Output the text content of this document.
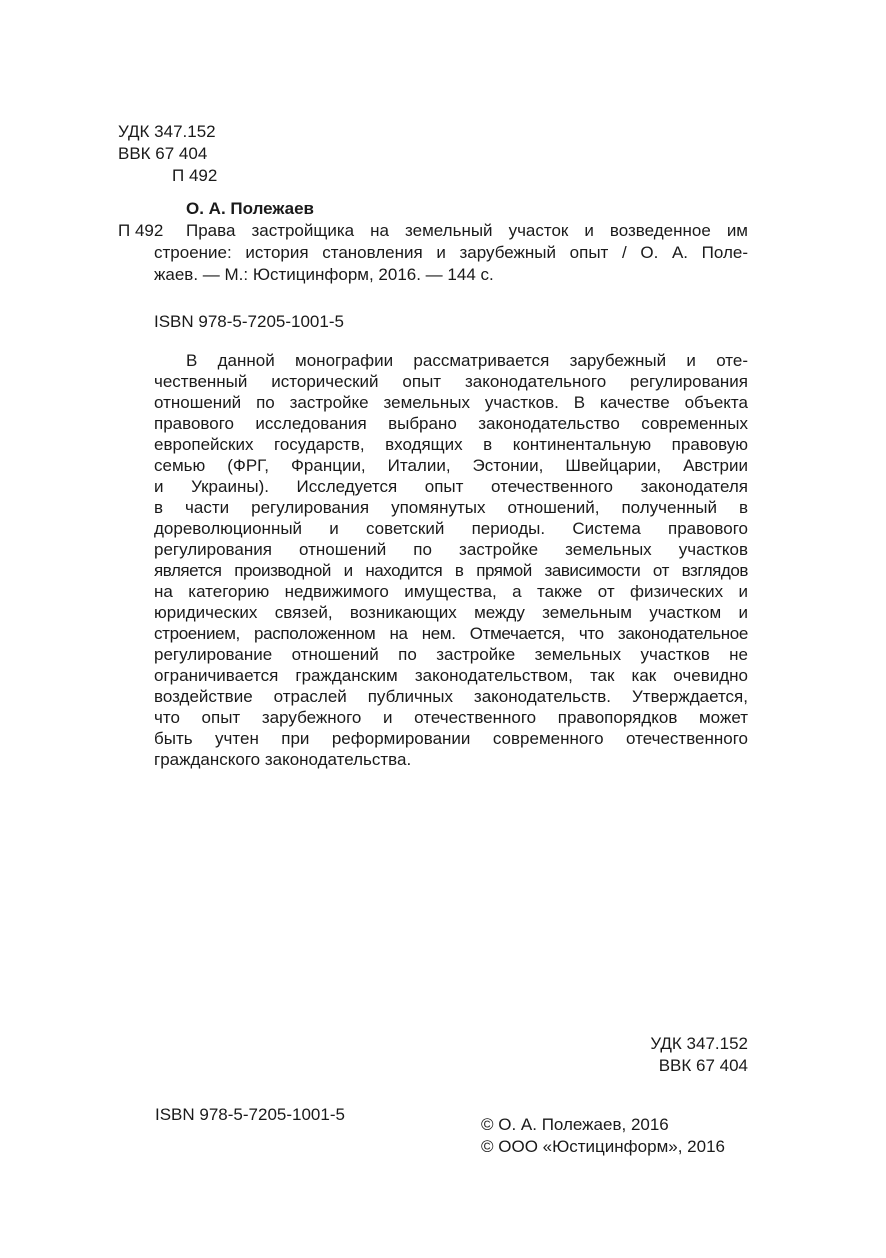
УДК 347.152
ВВК 67 404
П 492
О. А. Полежаев
П 492 Права застройщика на земельный участок и возведенное им
строение: история становления и зарубежный опыт / О. А. Поле-
жаев. — М.: Юстицинформ, 2016. — 144 с.
ISBN 978-5-7205-1001-5
В данной монографии рассматривается зарубежный и оте-
чественный исторический опыт законодательного регулирования
отношений по застройке земельных участков. В качестве объекта
правового исследования выбрано законодательство современных
европейских государств, входящих в континентальную правовую
семью (ФРГ, Франции, Италии, Эстонии, Швейцарии, Австрии
и Украины). Исследуется опыт отечественного законодателя
в части регулирования упомянутых отношений, полученный в
дореволюционный и советский периоды. Система правового
регулирования отношений по застройке земельных участков
является производной и находится в прямой зависимости от взглядов
на категорию недвижимого имущества, а также от физических и
юридических связей, возникающих между земельным участком и
строением, расположенном на нем. Отмечается, что законодательное
регулирование отношений по застройке земельных участков не
ограничивается гражданским законодательством, так как очевидно
воздействие отраслей публичных законодательств. Утверждается,
что опыт зарубежного и отечественного правопорядков может
быть учтен при реформировании современного отечественного
гражданского законодательства.
УДК 347.152
ВВК 67 404
ISBN 978-5-7205-1001-5
© О. А. Полежаев, 2016
© ООО «Юстицинформ», 2016
